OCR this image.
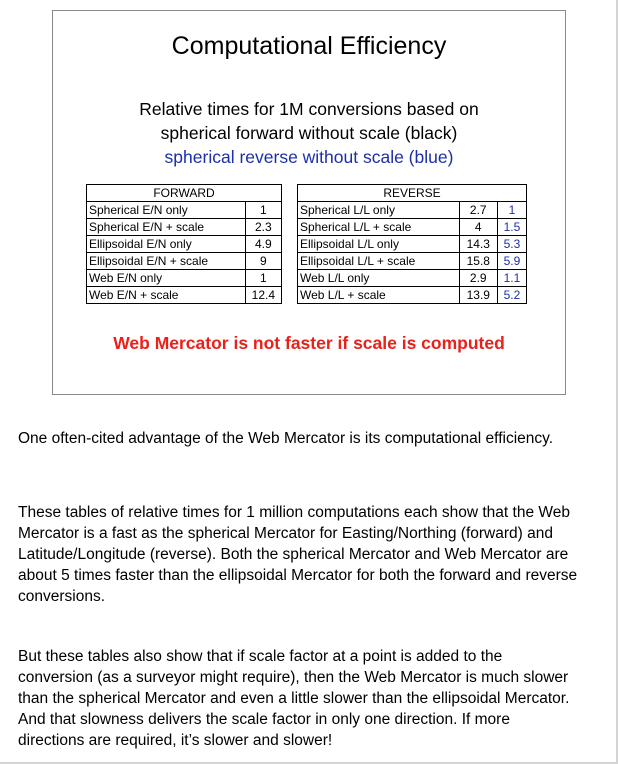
Computational Efficiency
Relative times for 1M conversions based on
spherical forward without scale (black)
spherical reverse without scale (blue)
FORWARD	
Spherical E/N only	1
Spherical E/N + scale	2.3
Ellipsoidal E/N only	4.9
Ellipsoidal E/N + scale	9
Web E/N only	1
Web E/N + scale	12.4
REVERSE		
Spherical L/L only	2.7	1
Spherical L/L + scale	4	1.5
Ellipsoidal L/L only	14.3	5.3
Ellipsoidal L/L + scale	15.8	5.9
Web L/L only	2.9	1.1
Web L/L + scale	13.9	5.2
Web Mercator is not faster if scale is computed
One often-cited advantage of the Web Mercator is its computational efficiency.
These tables of relative times for 1 million computations each show that the Web Mercator is a fast as the spherical Mercator for Easting/Northing (forward) and Latitude/Longitude (reverse). Both the spherical Mercator and Web Mercator are about 5 times faster than the ellipsoidal Mercator for both the forward and reverse conversions.
But these tables also show that if scale factor at a point is added to the conversion (as a surveyor might require), then the Web Mercator is much slower than the spherical Mercator and even a little slower than the ellipsoidal Mercator. And that slowness delivers the scale factor in only one direction. If more directions are required, it’s slower and slower!
